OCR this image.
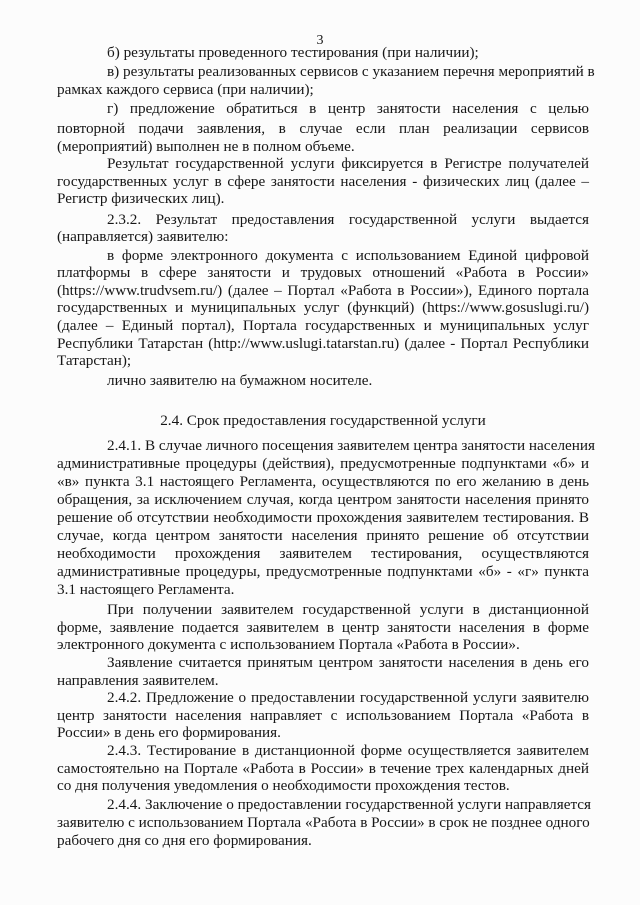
3
б) результаты проведенного тестирования (при наличии);
в) результаты реализованных сервисов с указанием перечня мероприятий в
рамках каждого сервиса (при наличии);
г) предложение обратиться в центр занятости населения с целью
повторной подачи заявления, в случае если план реализации сервисов
(мероприятий) выполнен не в полном объеме.
Результат государственной услуги фиксируется в Регистре получателей
государственных услуг в сфере занятости населения - физических лиц (далее –
Регистр физических лиц).
2.3.2. Результат предоставления государственной услуги выдается
(направляется) заявителю:
в форме электронного документа с использованием Единой цифровой
платформы в сфере занятости и трудовых отношений «Работа в России»
(https://www.trudvsem.ru/) (далее – Портал «Работа в России»), Единого портала
государственных и муниципальных услуг (функций) (https://www.gosuslugi.ru/)
(далее – Единый портал), Портала государственных и муниципальных услуг
Республики Татарстан (http://www.uslugi.tatarstan.ru) (далее - Портал Республики
Татарстан);
лично заявителю на бумажном носителе.
2.4. Срок предоставления государственной услуги
2.4.1. В случае личного посещения заявителем центра занятости населения
административные процедуры (действия), предусмотренные подпунктами «б» и
«в» пункта 3.1 настоящего Регламента, осуществляются по его желанию в день
обращения, за исключением случая, когда центром занятости населения принято
решение об отсутствии необходимости прохождения заявителем тестирования. В
случае, когда центром занятости населения принято решение об отсутствии
необходимости прохождения заявителем тестирования, осуществляются
административные процедуры, предусмотренные подпунктами «б» - «г» пункта
3.1 настоящего Регламента.
При получении заявителем государственной услуги в дистанционной
форме, заявление подается заявителем в центр занятости населения в форме
электронного документа с использованием Портала «Работа в России».
Заявление считается принятым центром занятости населения в день его
направления заявителем.
2.4.2. Предложение о предоставлении государственной услуги заявителю
центр занятости населения направляет с использованием Портала «Работа в
России» в день его формирования.
2.4.3. Тестирование в дистанционной форме осуществляется заявителем
самостоятельно на Портале «Работа в России» в течение трех календарных дней
со дня получения уведомления о необходимости прохождения тестов.
2.4.4. Заключение о предоставлении государственной услуги направляется
заявителю с использованием Портала «Работа в России» в срок не позднее одного
рабочего дня со дня его формирования.
